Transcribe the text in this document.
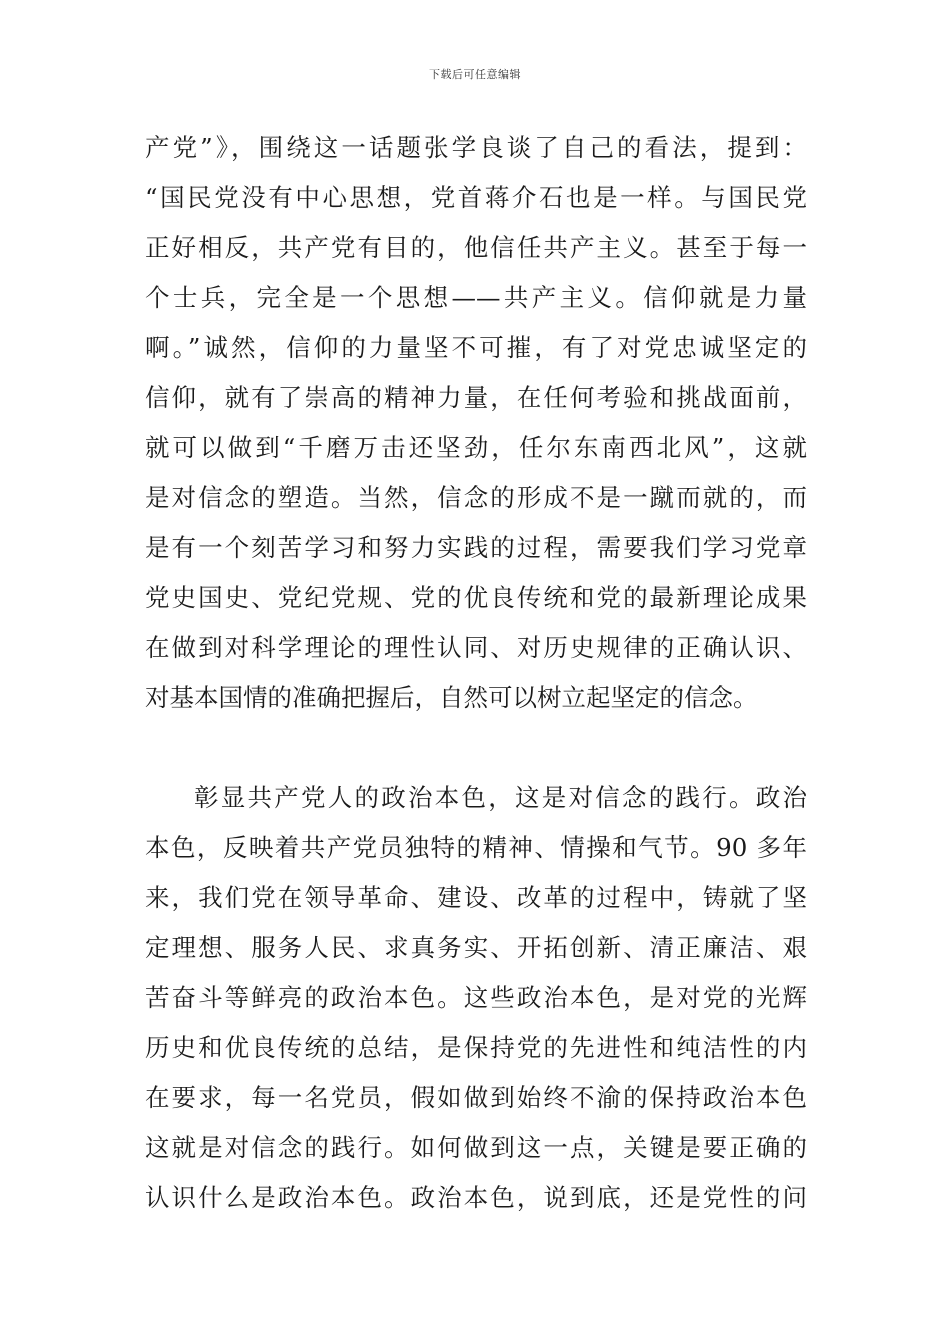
下载后可任意编辑
产党”》，围绕这一话题张学良谈了自己的看法，提到：
“国民党没有中心思想，党首蒋介石也是一样。与国民党
正好相反，共产党有目的，他信任共产主义。甚至于每一
个士兵，完全是一个思想——共产主义。信仰就是力量
啊。”诚然，信仰的力量坚不可摧，有了对党忠诚坚定的
信仰，就有了崇高的精神力量，在任何考验和挑战面前，
就可以做到“千磨万击还坚劲，任尔东南西北风”，这就
是对信念的塑造。当然，信念的形成不是一蹴而就的，而
是有一个刻苦学习和努力实践的过程，需要我们学习党章
党史国史、党纪党规、党的优良传统和党的最新理论成果
在做到对科学理论的理性认同、对历史规律的正确认识、
对基本国情的准确把握后，自然可以树立起坚定的信念。
彰显共产党人的政治本色，这是对信念的践行。政治
本色，反映着共产党员独特的精神、情操和气节。90 多年
来，我们党在领导革命、建设、改革的过程中，铸就了坚
定理想、服务人民、求真务实、开拓创新、清正廉洁、艰
苦奋斗等鲜亮的政治本色。这些政治本色，是对党的光辉
历史和优良传统的总结，是保持党的先进性和纯洁性的内
在要求，每一名党员，假如做到始终不渝的保持政治本色
这就是对信念的践行。如何做到这一点，关键是要正确的
认识什么是政治本色。政治本色，说到底，还是党性的问
